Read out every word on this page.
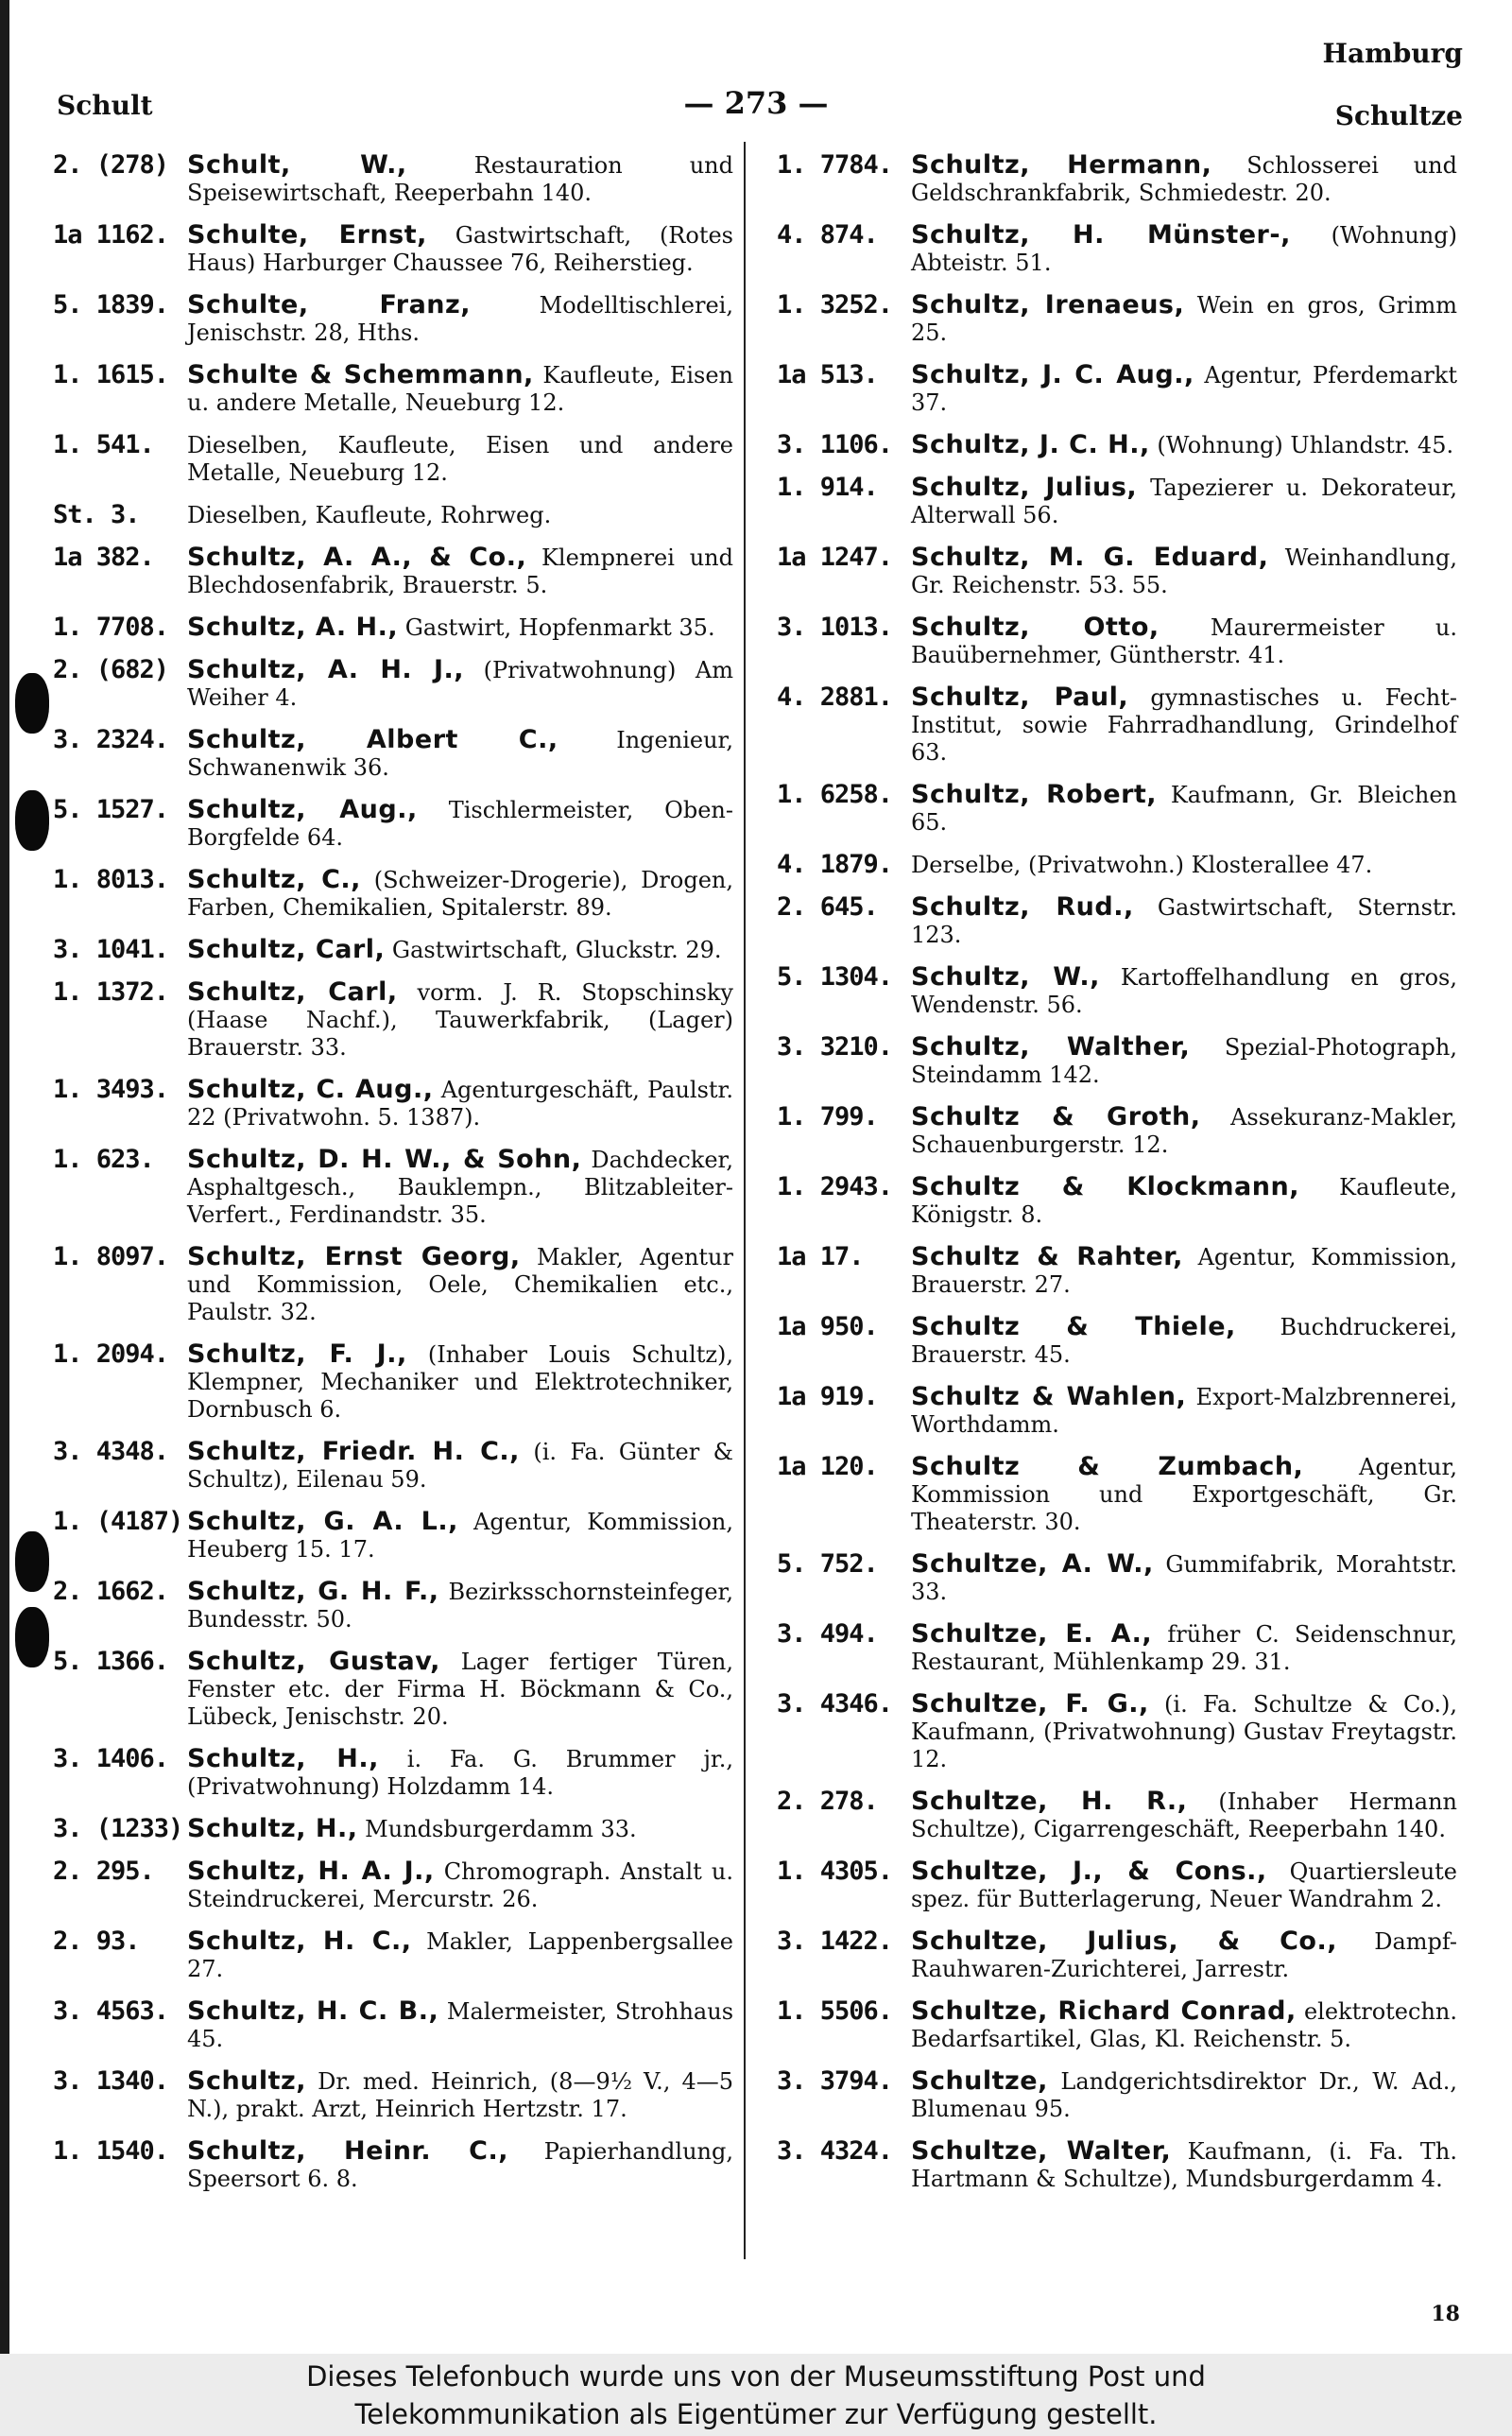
Hamburg
Schult	— 273 —	Schultze
2. (278) Schult, W., Restauration und Speisewirtschaft, Reeperbahn 140.
1a 1162. Schulte, Ernst, Gastwirtschaft, (Rotes Haus) Harburger Chaussee 76, Reiherstieg.
5. 1839. Schulte, Franz, Modelltischlerei, Jenischstr. 28, Hths.
1. 1615. Schulte & Schemmann, Kaufleute, Eisen u. andere Metalle, Neueburg 12.
1. 541.	Dieselben, Kaufleute, Eisen und andere Metalle, Neueburg 12.
St. 3.	Dieselben, Kaufleute, Rohrweg.
1a 382.	Schultz, A. A., & Co., Klempnerei und Blechdosenfabrik, Brauerstr. 5.
1. 7708. Schultz, A. H., Gastwirt, Hopfenmarkt 35.
2. (682) Schultz, A. H. J., (Privatwohnung) Am Weiher 4.
3. 2324. Schultz, Albert C., Ingenieur, Schwanenwik 36.
5. 1527. Schultz, Aug., Tischlermeister, Oben-Borgfelde 64.
1. 8013. Schultz, C., (Schweizer-Drogerie), Drogen, Farben, Chemikalien, Spitalerstr. 89.
3. 1041. Schultz, Carl, Gastwirtschaft, Gluckstr. 29.
1. 1372. Schultz, Carl, vorm. J. R. Stopschinsky (Haase Nachf.), Tauwerkfabrik, (Lager) Brauerstr. 33.
1. 3493. Schultz, C. Aug., Agenturgeschäft, Paulstr. 22 (Privatwohn. 5. 1387).
1. 623.	Schultz, D. H. W., & Sohn, Dachdecker, Asphaltgesch., Bauklempn., Blitzableiter-Verfert., Ferdinandstr. 35.
1. 8097. Schultz, Ernst Georg, Makler, Agentur und Kommission, Oele, Chemikalien etc., Paulstr. 32.
1. 2094. Schultz, F. J., (Inhaber Louis Schultz), Klempner, Mechaniker und Elektrotechniker, Dornbusch 6.
3. 4348. Schultz, Friedr. H. C., (i. Fa. Günter & Schultz), Eilenau 59.
1. (4187) Schultz, G. A. L., Agentur, Kommission, Heuberg 15. 17.
2. 1662. Schultz, G. H. F., Bezirksschornsteinfeger, Bundesstr. 50.
5. 1366. Schultz, Gustav, Lager fertiger Türen, Fenster etc. der Firma H. Böckmann & Co., Lübeck, Jenischstr. 20.
3. 1406. Schultz, H., i. Fa. G. Brummer jr., (Privatwohnung) Holzdamm 14.
3. (1233) Schultz, H., Mundsburgerdamm 33.
2. 295.	Schultz, H. A. J., Chromograph. Anstalt u. Steindruckerei, Mercurstr. 26.
2. 93.	Schultz, H. C., Makler, Lappenbergsallee 27.
3. 4563. Schultz, H. C. B., Malermeister, Strohhaus 45.
3. 1340. Schultz, Dr. med. Heinrich, (8—9½ V., 4—5 N.), prakt. Arzt, Heinrich Hertzstr. 17.
1. 1540. Schultz, Heinr. C., Papierhandlung, Speersort 6. 8.
1. 7784. Schultz, Hermann, Schlosserei und Geldschrankfabrik, Schmiedestr. 20.
4. 874.	Schultz, H. Münster-, (Wohnung) Abteistr. 51.
1. 3252. Schultz, Irenaeus, Wein en gros, Grimm 25.
1a 513.	Schultz, J. C. Aug., Agentur, Pferdemarkt 37.
3. 1106. Schultz, J. C. H., (Wohnung) Uhlandstr. 45.
1. 914.	Schultz, Julius, Tapezierer u. Dekorateur, Alterwall 56.
1a 1247. Schultz, M. G. Eduard, Weinhandlung, Gr. Reichenstr. 53. 55.
3. 1013. Schultz, Otto, Maurermeister u. Bauübernehmer, Güntherstr. 41.
4. 2881. Schultz, Paul, gymnastisches u. Fecht-Institut, sowie Fahrradhandlung, Grindelhof 63.
1. 6258. Schultz, Robert, Kaufmann, Gr. Bleichen 65.
4. 1879. Derselbe, (Privatwohn.) Klosterallee 47.
2. 645.	Schultz, Rud., Gastwirtschaft, Sternstr. 123.
5. 1304. Schultz, W., Kartoffelhandlung en gros, Wendenstr. 56.
3. 3210. Schultz, Walther, Spezial-Photograph, Steindamm 142.
1. 799.	Schultz & Groth, Assekuranz-Makler, Schauenburgerstr. 12.
1. 2943. Schultz & Klockmann, Kaufleute, Königstr. 8.
1a 17.	Schultz & Rahter, Agentur, Kommission, Brauerstr. 27.
1a 950.	Schultz & Thiele, Buchdruckerei, Brauerstr. 45.
1a 919.	Schultz & Wahlen, Export-Malzbrennerei, Worthdamm.
1a 120.	Schultz & Zumbach, Agentur, Kommission und Exportgeschäft, Gr. Theaterstr. 30.
5. 752.	Schultze, A. W., Gummifabrik, Morahtstr. 33.
3. 494.	Schultze, E. A., früher C. Seidenschnur, Restaurant, Mühlenkamp 29. 31.
3. 4346. Schultze, F. G., (i. Fa. Schultze & Co.), Kaufmann, (Privatwohnung) Gustav Freytagstr. 12.
2. 278.	Schultze, H. R., (Inhaber Hermann Schultze), Cigarrengeschäft, Reeperbahn 140.
1. 4305. Schultze, J., & Cons., Quartiersleute spez. für Butterlagerung, Neuer Wandrahm 2.
3. 1422. Schultze, Julius, & Co., Dampf-Rauhwaren-Zurichterei, Jarrestr.
1. 5506. Schultze, Richard Conrad, elektrotechn. Bedarfsartikel, Glas, Kl. Reichenstr. 5.
3. 3794. Schultze, Landgerichtsdirektor Dr., W. Ad., Blumenau 95.
3. 4324. Schultze, Walter, Kaufmann, (i. Fa. Th. Hartmann & Schultze), Mundsburgerdamm 4.
18
Dieses Telefonbuch wurde uns von der Museumsstiftung Post und
Telekommunikation als Eigentümer zur Verfügung gestellt.
